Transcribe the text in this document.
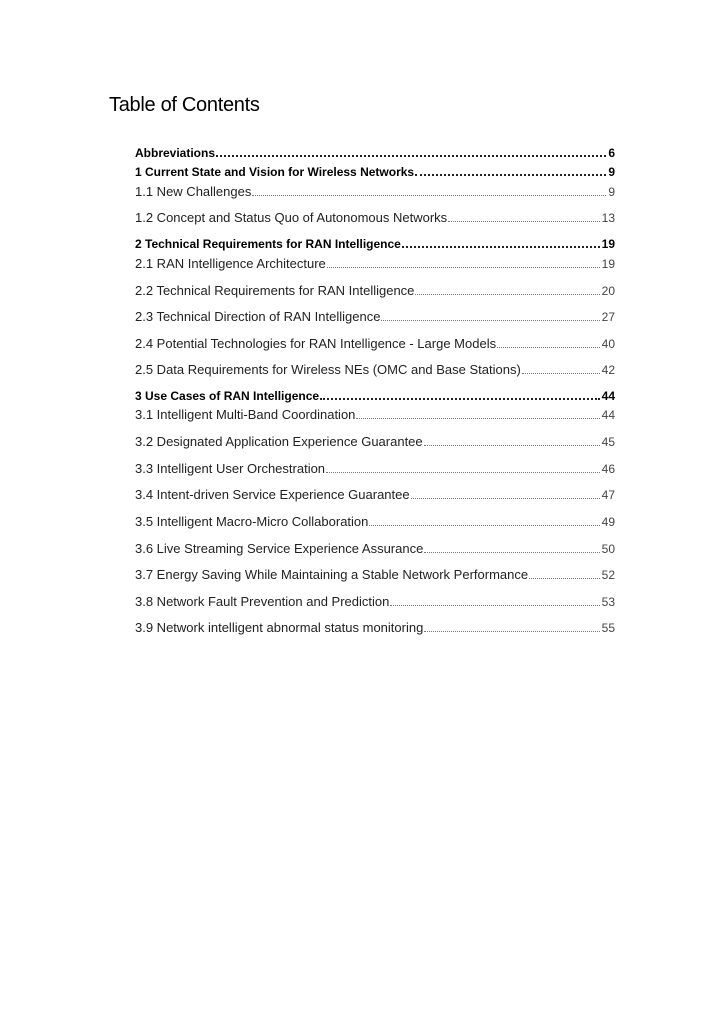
Table of Contents
Abbreviations	6
1 Current State and Vision for Wireless Networks	9
1.1 New Challenges	9
1.2 Concept and Status Quo of Autonomous Networks	13
2 Technical Requirements for RAN Intelligence	19
2.1 RAN Intelligence Architecture	19
2.2 Technical Requirements for RAN Intelligence	20
2.3 Technical Direction of RAN Intelligence	27
2.4 Potential Technologies for RAN Intelligence - Large Models	40
2.5 Data Requirements for Wireless NEs (OMC and Base Stations)	42
3 Use Cases of RAN Intelligence	44
3.1 Intelligent Multi-Band Coordination	44
3.2 Designated Application Experience Guarantee	45
3.3 Intelligent User Orchestration	46
3.4 Intent-driven Service Experience Guarantee	47
3.5 Intelligent Macro-Micro Collaboration	49
3.6 Live Streaming Service Experience Assurance	50
3.7 Energy Saving While Maintaining a Stable Network Performance	52
3.8 Network Fault Prevention and Prediction	53
3.9 Network intelligent abnormal status monitoring	55
